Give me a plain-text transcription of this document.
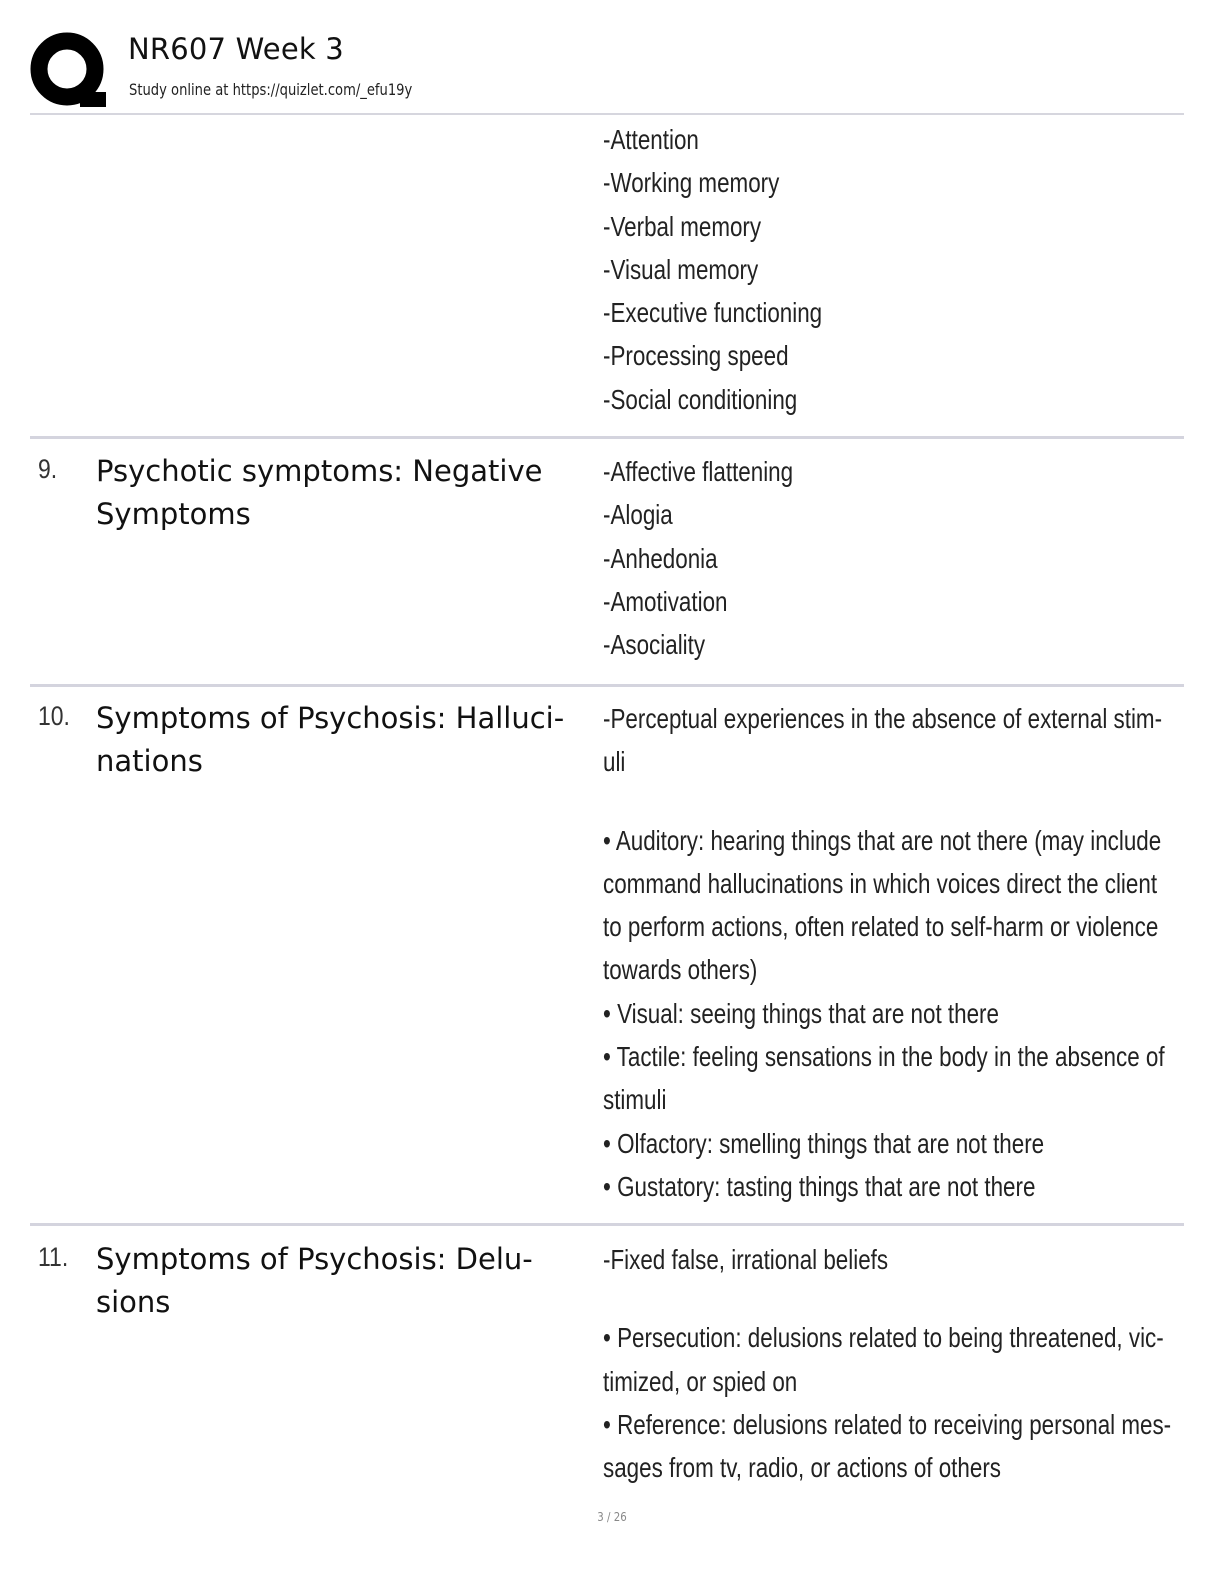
NR607 Week 3
Study online at https://quizlet.com/_efu19y
-Attention
-Working memory
-Verbal memory
-Visual memory
-Executive functioning
-Processing speed
-Social conditioning
9. Psychotic symptoms: Negative Symptoms
-Affective flattening
-Alogia
-Anhedonia
-Amotivation
-Asociality
10. Symptoms of Psychosis: Halluci-
nations
-Perceptual experiences in the absence of external stim-
uli
• Auditory: hearing things that are not there (may include
command hallucinations in which voices direct the client
to perform actions, often related to self-harm or violence
towards others)
• Visual: seeing things that are not there
• Tactile: feeling sensations in the body in the absence of
stimuli
• Olfactory: smelling things that are not there
• Gustatory: tasting things that are not there
11. Symptoms of Psychosis: Delu-
sions
-Fixed false, irrational beliefs
• Persecution: delusions related to being threatened, vic-
timized, or spied on
• Reference: delusions related to receiving personal mes-
sages from tv, radio, or actions of others
3 / 26
